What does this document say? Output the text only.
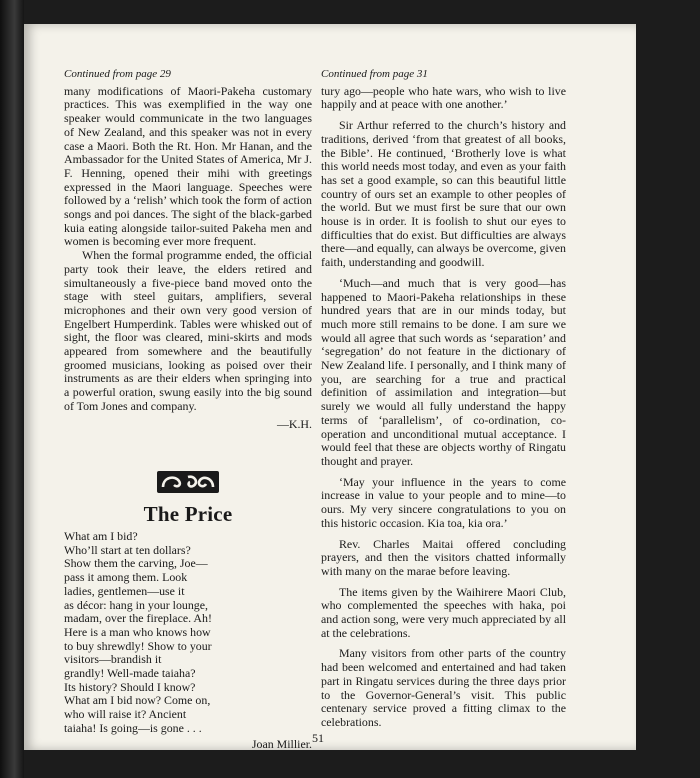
Continued from page 29

many modifications of Maori-Pakeha customary practices. This was exemplified in the way one speaker would communicate in the two languages of New Zealand, and this speaker was not in every case a Maori. Both the Rt. Hon. Mr Hanan, and the Ambassador for the United States of America, Mr J. F. Henning, opened their mihi with greetings expressed in the Maori language. Speeches were followed by a ‘relish’ which took the form of action songs and poi dances. The sight of the black-garbed kuia eating alongside tailor-suited Pakeha men and women is becoming ever more frequent.

When the formal programme ended, the official party took their leave, the elders retired and simultaneously a five-piece band moved onto the stage with steel guitars, amplifiers, several microphones and their own very good version of Engelbert Humperdink. Tables were whisked out of sight, the floor was cleared, mini-skirts and mods appeared from somewhere and the beautifully groomed musicians, looking as poised over their instruments as are their elders when springing into a powerful oration, swung easily into the big sound of Tom Jones and company.

—K.H.
The Price
What am I bid?
Who’ll start at ten dollars?
Show them the carving, Joe—
pass it among them. Look
ladies, gentlemen—use it
as décor: hang in your lounge,
madam, over the fireplace. Ah!
Here is a man who knows how
to buy shrewdly! Show to your
visitors—brandish it
grandly! Well-made taiaha?
Its history? Should I know?
What am I bid now? Come on,
who will raise it? Ancient
taiaha! Is going—is gone . . .
Joan Millier.
Continued from page 31

tury ago—people who hate wars, who wish to live happily and at peace with one another.’

Sir Arthur referred to the church’s history and traditions, derived ‘from that greatest of all books, the Bible’. He continued, ‘Brotherly love is what this world needs most today, and even as your faith has set a good example, so can this beautiful little country of ours set an example to other peoples of the world. But we must first be sure that our own house is in order. It is foolish to shut our eyes to difficulties that do exist. But difficulties are always there—and equally, can always be overcome, given faith, understanding and goodwill.

‘Much—and much that is very good—has happened to Maori-Pakeha relationships in these hundred years that are in our minds today, but much more still remains to be done. I am sure we would all agree that such words as ‘separation’ and ‘segregation’ do not feature in the dictionary of New Zealand life. I personally, and I think many of you, are searching for a true and practical definition of assimilation and integration—but surely we would all fully understand the happy terms of ‘parallelism’, of co-ordination, co-operation and unconditional mutual acceptance. I would feel that these are objects worthy of Ringatu thought and prayer.

‘May your influence in the years to come increase in value to your people and to mine—to ours. My very sincere congratulations to you on this historic occasion. Kia toa, kia ora.’

Rev. Charles Maitai offered concluding prayers, and then the visitors chatted informally with many on the marae before leaving.

The items given by the Waihirere Maori Club, who complemented the speeches with haka, poi and action song, were very much appreciated by all at the celebrations.

Many visitors from other parts of the country had been welcomed and entertained and had taken part in Ringatu services during the three days prior to the Governor-General’s visit. This public centenary service proved a fitting climax to the celebrations.

51
